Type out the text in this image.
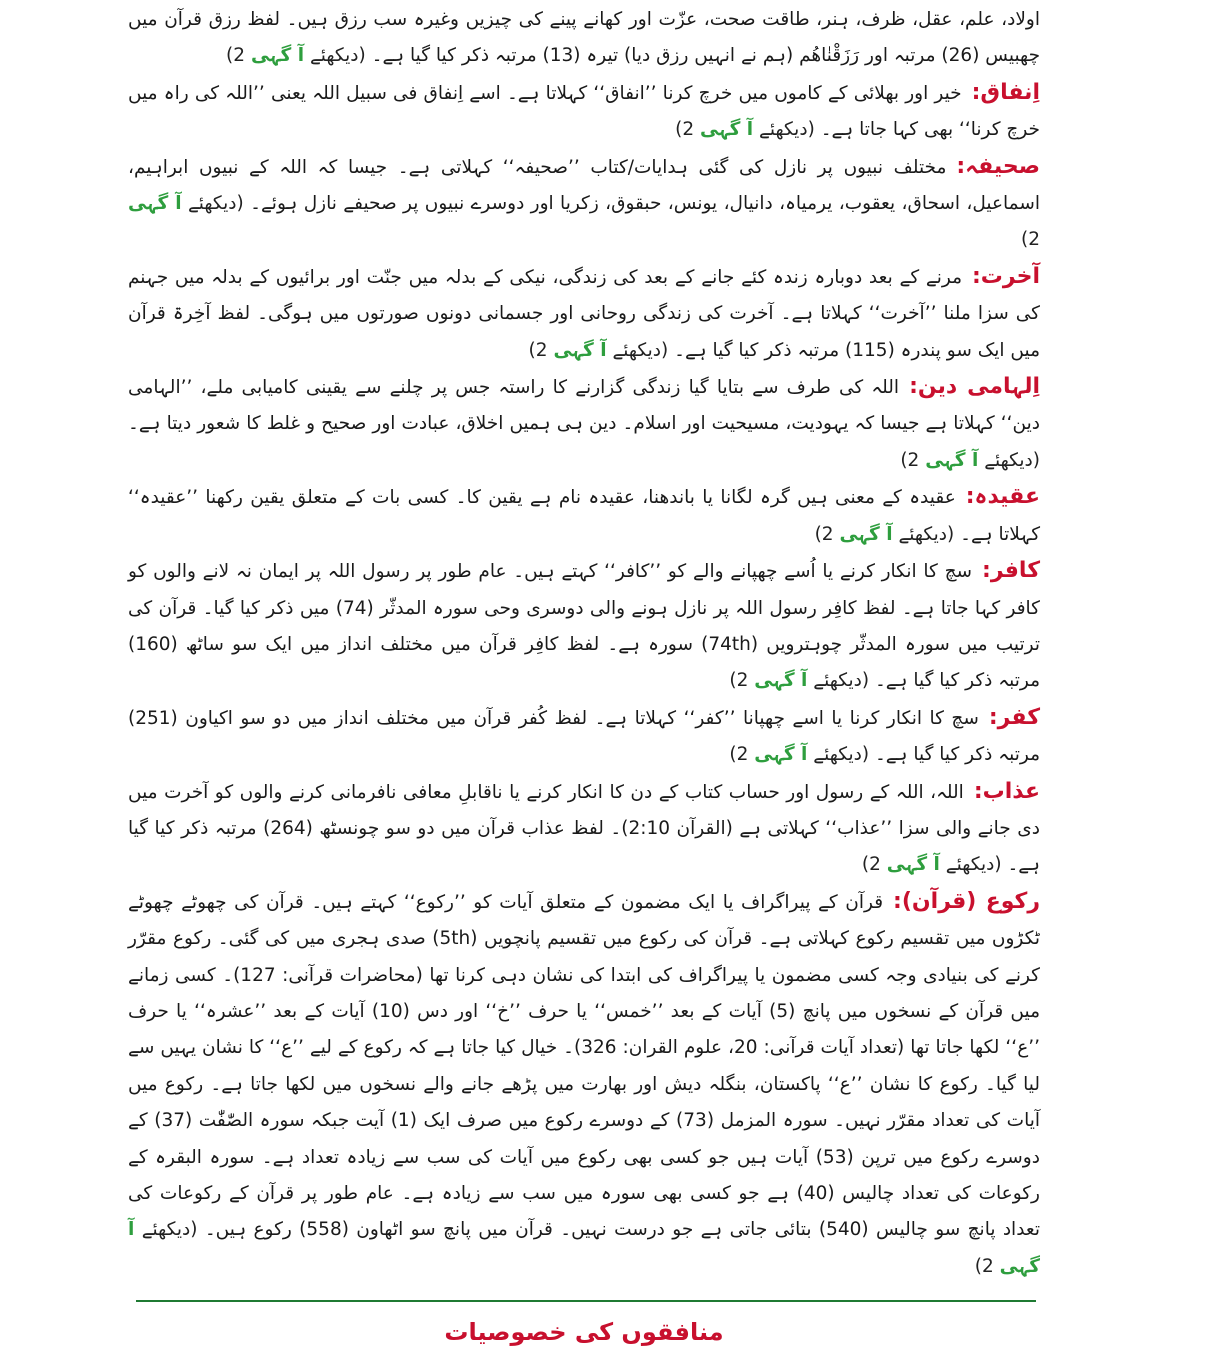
اولاد، علم، عقل، ظرف، ہنر، طاقت صحت، عزّت اور کھانے پینے کی چیزیں وغیرہ سب رزق ہیں۔ لفظ رزق قرآن میں چھبیس (26) مرتبہ اور رَزَقْنٰاھُم (ہم نے انہیں رزق دیا) تیرہ (13) مرتبہ ذکر کیا گیا ہے۔ (دیکھئے آ گہی 2)

اِنفاق:خیر اور بھلائی کے کاموں میں خرچ کرنا ’’انفاق‘‘ کہلاتا ہے۔ اسے اِنفاق فی سبیل اللہ یعنی ’’اللہ کی راہ میں خرچ کرنا‘‘ بھی کہا جاتا ہے۔ (دیکھئے آ گہی 2)

صحیفہ:مختلف نبیوں پر نازل کی گئی ہدایات/کتاب ’’صحیفہ‘‘ کہلاتی ہے۔ جیسا کہ اللہ کے نبیوں ابراہیم، اسماعیل، اسحاق، یعقوب، یرمیاہ، دانیال، یونس، حبقوق، زکریا اور دوسرے نبیوں پر صحیفے نازل ہوئے۔ (دیکھئے آ گہی 2)

آخرت:مرنے کے بعد دوبارہ زندہ کئے جانے کے بعد کی زندگی، نیکی کے بدلہ میں جنّت اور برائیوں کے بدلہ میں جہنم کی سزا ملنا ’’آخرت‘‘ کہلاتا ہے۔ آخرت کی زندگی روحانی اور جسمانی دونوں صورتوں میں ہوگی۔ لفظ آخِرۃ قرآن میں ایک سو پندرہ (115) مرتبہ ذکر کیا گیا ہے۔ (دیکھئے آ گہی 2)

اِلہامی دین:اللہ کی طرف سے بتایا گیا زندگی گزارنے کا راستہ جس پر چلنے سے یقینی کامیابی ملے، ’’الہامی دین‘‘ کہلاتا ہے جیسا کہ یہودیت، مسیحیت اور اسلام۔ دین ہی ہمیں اخلاق، عبادت اور صحیح و غلط کا شعور دیتا ہے۔ (دیکھئے آ گہی 2)

عقیدہ:عقیدہ کے معنی ہیں گرہ لگانا یا باندھنا، عقیدہ نام ہے یقین کا۔ کسی بات کے متعلق یقین رکھنا ’’عقیدہ‘‘ کہلاتا ہے۔ (دیکھئے آ گہی 2)

کافر:سچ کا انکار کرنے یا اُسے چھپانے والے کو ’’کافر‘‘ کہتے ہیں۔ عام طور پر رسول اللہ پر ایمان نہ لانے والوں کو کافر کہا جاتا ہے۔ لفظ کافِر رسول اللہ پر نازل ہونے والی دوسری وحی سورہ المدثّر (74) میں ذکر کیا گیا۔ قرآن کی ترتیب میں سورہ المدثّر چوہترویں (74th) سورہ ہے۔ لفظ کافِر قرآن میں مختلف انداز میں ایک سو ساٹھ (160) مرتبہ ذکر کیا گیا ہے۔ (دیکھئے آ گہی 2)

کفر:سچ کا انکار کرنا یا اسے چھپانا ’’کفر‘‘ کہلاتا ہے۔ لفظ کُفر قرآن میں مختلف انداز میں دو سو اکیاون (251) مرتبہ ذکر کیا گیا ہے۔ (دیکھئے آ گہی 2)

عذاب:اللہ، اللہ کے رسول اور حساب کتاب کے دن کا انکار کرنے یا ناقابلِ معافی نافرمانی کرنے والوں کو آخرت میں دی جانے والی سزا ’’عذاب‘‘ کہلاتی ہے (القرآن 2:10)۔ لفظ عذاب قرآن میں دو سو چونسٹھ (264) مرتبہ ذکر کیا گیا ہے۔ (دیکھئے آ گہی 2)

رکوع (قرآن):قرآن کے پیراگراف یا ایک مضمون کے متعلق آیات کو ’’رکوع‘‘ کہتے ہیں۔ قرآن کی چھوٹے چھوٹے ٹکڑوں میں تقسیم رکوع کہلاتی ہے۔ قرآن کی رکوع میں تقسیم پانچویں (5th) صدی ہجری میں کی گئی۔ رکوع مقرّر کرنے کی بنیادی وجہ کسی مضمون یا پیراگراف کی ابتدا کی نشان دہی کرنا تھا (محاضرات قرآنی: 127)۔ کسی زمانے میں قرآن کے نسخوں میں پانچ (5) آیات کے بعد ’’خمس‘‘ یا حرف ’’خ‘‘ اور دس (10) آیات کے بعد ’’عشرہ‘‘ یا حرف ’’ع‘‘ لکھا جاتا تھا (تعداد آیات قرآنی: 20، علوم القران: 326)۔ خیال کیا جاتا ہے کہ رکوع کے لیے ’’ع‘‘ کا نشان یہیں سے لیا گیا۔ رکوع کا نشان ’’ع‘‘ پاکستان، بنگلہ دیش اور بھارت میں پڑھے جانے والے نسخوں میں لکھا جاتا ہے۔ رکوع میں آیات کی تعداد مقرّر نہیں۔ سورہ المزمل (73) کے دوسرے رکوع میں صرف ایک (1) آیت جبکہ سورہ الصّٰفّٰت (37) کے دوسرے رکوع میں ترپن (53) آیات ہیں جو کسی بھی رکوع میں آیات کی سب سے زیادہ تعداد ہے۔ سورہ البقرہ کے رکوعات کی تعداد چالیس (40) ہے جو کسی بھی سورہ میں سب سے زیادہ ہے۔ عام طور پر قرآن کے رکوعات کی تعداد پانچ سو چالیس (540) بتائی جاتی ہے جو درست نہیں۔ قرآن میں پانچ سو اٹھاون (558) رکوع ہیں۔ (دیکھئے آ گہی 2)

منافقوں کی خصوصیات
